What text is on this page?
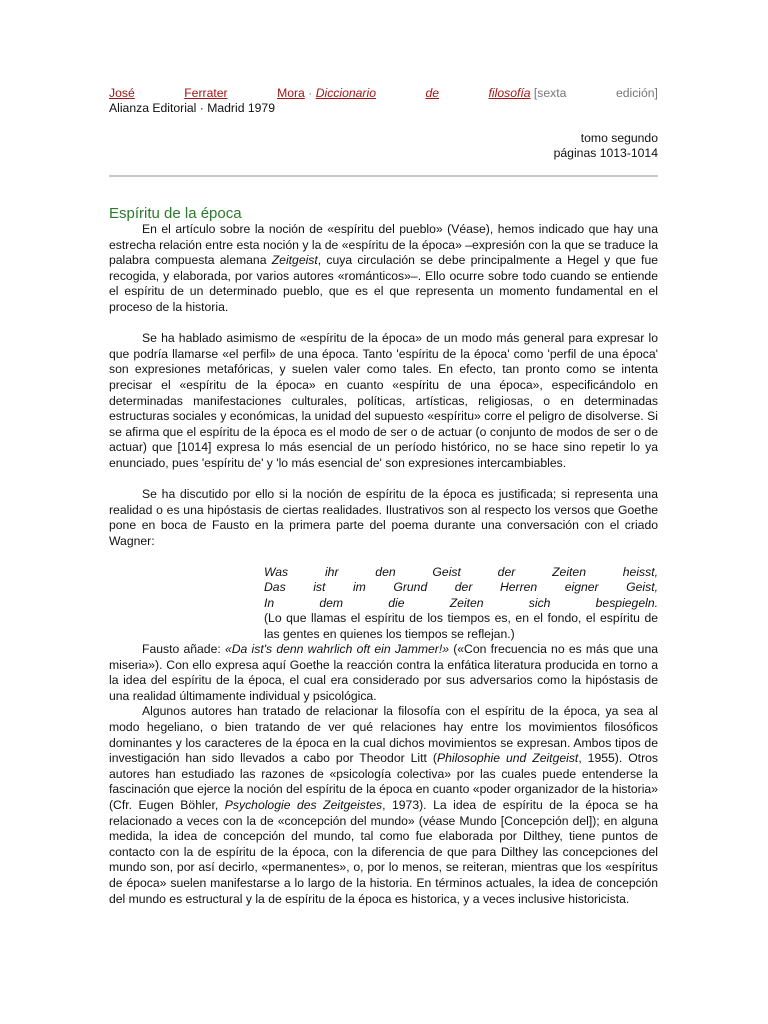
José	Ferrater	Mora · Diccionario	de	filosofía [sexta	edición]
Alianza Editorial · Madrid 1979
tomo segundo
páginas 1013-1014
Espíritu de la época

En el artículo sobre la noción de «espíritu del pueblo» (Véase), hemos indicado que hay una estrecha relación entre esta noción y la de «espíritu de la época» –expresión con la que se traduce la palabra compuesta alemana Zeitgeist, cuya circulación se debe principalmente a Hegel y que fue recogida, y elaborada, por varios autores «románticos»–. Ello ocurre sobre todo cuando se entiende el espíritu de un determinado pueblo, que es el que representa un momento fundamental en el proceso de la historia.

Se ha hablado asimismo de «espíritu de la época» de un modo más general para expresar lo que podría llamarse «el perfil» de una época. Tanto 'espíritu de la época' como 'perfil de una época' son expresiones metafóricas, y suelen valer como tales. En efecto, tan pronto como se intenta precisar el «espíritu de la época» en cuanto «espíritu de una época», especificándolo en determinadas manifestaciones culturales, políticas, artísticas, religiosas, o en determinadas estructuras sociales y económicas, la unidad del supuesto «espíritu» corre el peligro de disolverse. Si se afirma que el espíritu de la época es el modo de ser o de actuar (o conjunto de modos de ser o de actuar) que [1014] expresa lo más esencial de un período histórico, no se hace sino repetir lo ya enunciado, pues 'espíritu de' y 'lo más esencial de' son expresiones intercambiables.

Se ha discutido por ello si la noción de espíritu de la época es justificada; si representa una realidad o es una hipóstasis de ciertas realidades. Ilustrativos son al respecto los versos que Goethe pone en boca de Fausto en la primera parte del poema durante una conversación con el criado Wagner:

Was ihr den Geist der Zeiten heisst,
Das ist im Grund der Herren eigner Geist,
In dem die Zeiten sich bespiegeln.
(Lo que llamas el espíritu de los tiempos es, en el fondo, el espíritu de las gentes en quienes los tiempos se reflejan.)

Fausto añade: «Da ist's denn wahrlich oft ein Jammer!» («Con frecuencia no es más que una miseria»). Con ello expresa aquí Goethe la reacción contra la enfática literatura producida en torno a la idea del espíritu de la época, el cual era considerado por sus adversarios como la hipóstasis de una realidad últimamente individual y psicológica.

Algunos autores han tratado de relacionar la filosofía con el espíritu de la época, ya sea al modo hegeliano, o bien tratando de ver qué relaciones hay entre los movimientos filosóficos dominantes y los caracteres de la época en la cual dichos movimientos se expresan. Ambos tipos de investigación han sido llevados a cabo por Theodor Litt (Philosophie und Zeitgeist, 1955). Otros autores han estudiado las razones de «psicología colectiva» por las cuales puede entenderse la fascinación que ejerce la noción del espíritu de la época en cuanto «poder organizador de la historia» (Cfr. Eugen Böhler, Psychologie des Zeitgeistes, 1973). La idea de espíritu de la época se ha relacionado a veces con la de «concepción del mundo» (véase Mundo [Concepción del]); en alguna medida, la idea de concepción del mundo, tal como fue elaborada por Dilthey, tiene puntos de contacto con la de espíritu de la época, con la diferencia de que para Dilthey las concepciones del mundo son, por así decirlo, «permanentes», o, por lo menos, se reiteran, mientras que los «espíritus de época» suelen manifestarse a lo largo de la historia. En términos actuales, la idea de concepción del mundo es estructural y la de espíritu de la época es historica, y a veces inclusive historicista.
